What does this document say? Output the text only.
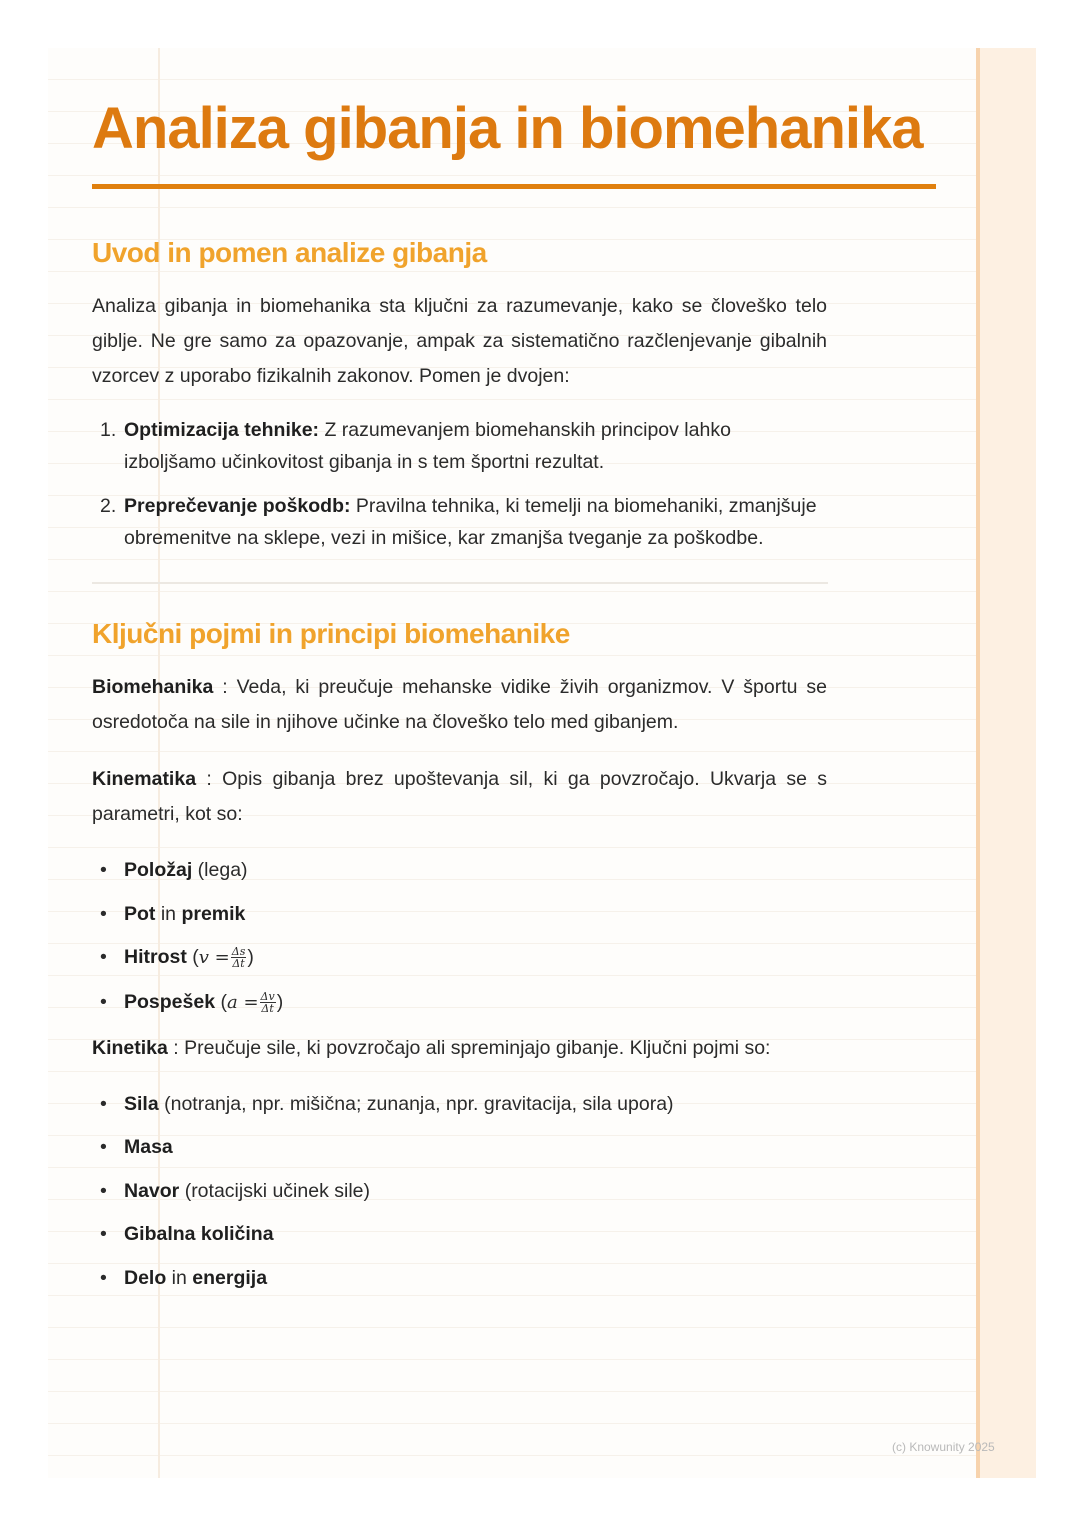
Analiza gibanja in biomehanika
Uvod in pomen analize gibanja

Analiza gibanja in biomehanika sta ključni za razumevanje, kako se človeško telo giblje. Ne gre samo za opazovanje, ampak za sistematično razčlenjevanje gibalnih vzorcev z uporabo fizikalnih zakonov. Pomen je dvojen:

1. Optimizacija tehnike: Z razumevanjem biomehanskih principov lahko izboljšamo učinkovitost gibanja in s tem športni rezultat.
2. Preprečevanje poškodb: Pravilna tehnika, ki temelji na biomehaniki, zmanjšuje obremenitve na sklepe, vezi in mišice, kar zmanjša tveganje za poškodbe.
Ključni pojmi in principi biomehanike

Biomehanika : Veda, ki preučuje mehanske vidike živih organizmov. V športu se osredotoča na sile in njihove učinke na človeško telo med gibanjem.

Kinematika : Opis gibanja brez upoštevanja sil, ki ga povzročajo. Ukvarja se s parametri, kot so:

• Položaj (lega)
• Pot in premik
• Hitrost ($v = \frac{\Delta s}{\Delta t}$ )
• Pospešek ($a = \frac{\Delta v}{\Delta t}$ )

Kinetika : Preučuje sile, ki povzročajo ali spreminjajo gibanje. Ključni pojmi so:

• Sila (notranja, npr. mišična; zunanja, npr. gravitacija, sila upora)
• Masa
• Navor (rotacijski učinek sile)
• Gibalna količina
• Delo in energija
(c) Knowunity 2025
